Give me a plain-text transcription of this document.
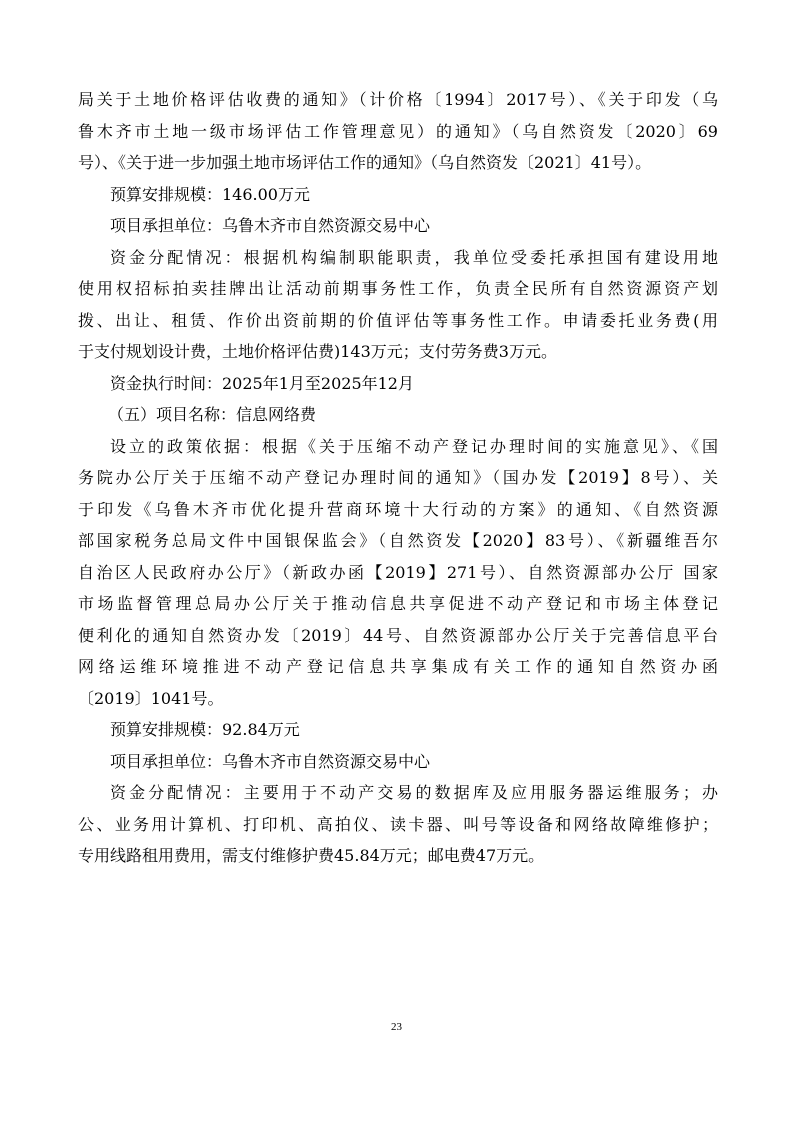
局关于土地价格评估收费的通知》（计价格〔1994〕2017号）、《关于印发（乌
鲁木齐市土地一级市场评估工作管理意见）的通知》（乌自然资发〔2020〕69
号）、《关于进一步加强土地市场评估工作的通知》（乌自然资发〔2021〕41号）。
预算安排规模：146.00万元
项目承担单位：乌鲁木齐市自然资源交易中心
资金分配情况：根据机构编制职能职责，我单位受委托承担国有建设用地
使用权招标拍卖挂牌出让活动前期事务性工作，负责全民所有自然资源资产划
拨、出让、租赁、作价出资前期的价值评估等事务性工作。申请委托业务费(用
于支付规划设计费，土地价格评估费)143万元；支付劳务费3万元。
资金执行时间：2025年1月至2025年12月
（五）项目名称：信息网络费
设立的政策依据：根据《关于压缩不动产登记办理时间的实施意见》、《国
务院办公厅关于压缩不动产登记办理时间的通知》（国办发【2019】8号）、关
于印发《乌鲁木齐市优化提升营商环境十大行动的方案》的通知、《自然资源
部国家税务总局文件中国银保监会》（自然资发【2020】83号）、《新疆维吾尔
自治区人民政府办公厅》（新政办函【2019】271号）、自然资源部办公厅 国家
市场监督管理总局办公厅关于推动信息共享促进不动产登记和市场主体登记
便利化的通知自然资办发〔2019〕44号、自然资源部办公厅关于完善信息平台
网络运维环境推进不动产登记信息共享集成有关工作的通知自然资办函
〔2019〕1041号。
预算安排规模：92.84万元
项目承担单位：乌鲁木齐市自然资源交易中心
资金分配情况：主要用于不动产交易的数据库及应用服务器运维服务；办
公、业务用计算机、打印机、高拍仪、读卡器、叫号等设备和网络故障维修护；
专用线路租用费用，需支付维修护费45.84万元；邮电费47万元。
23
